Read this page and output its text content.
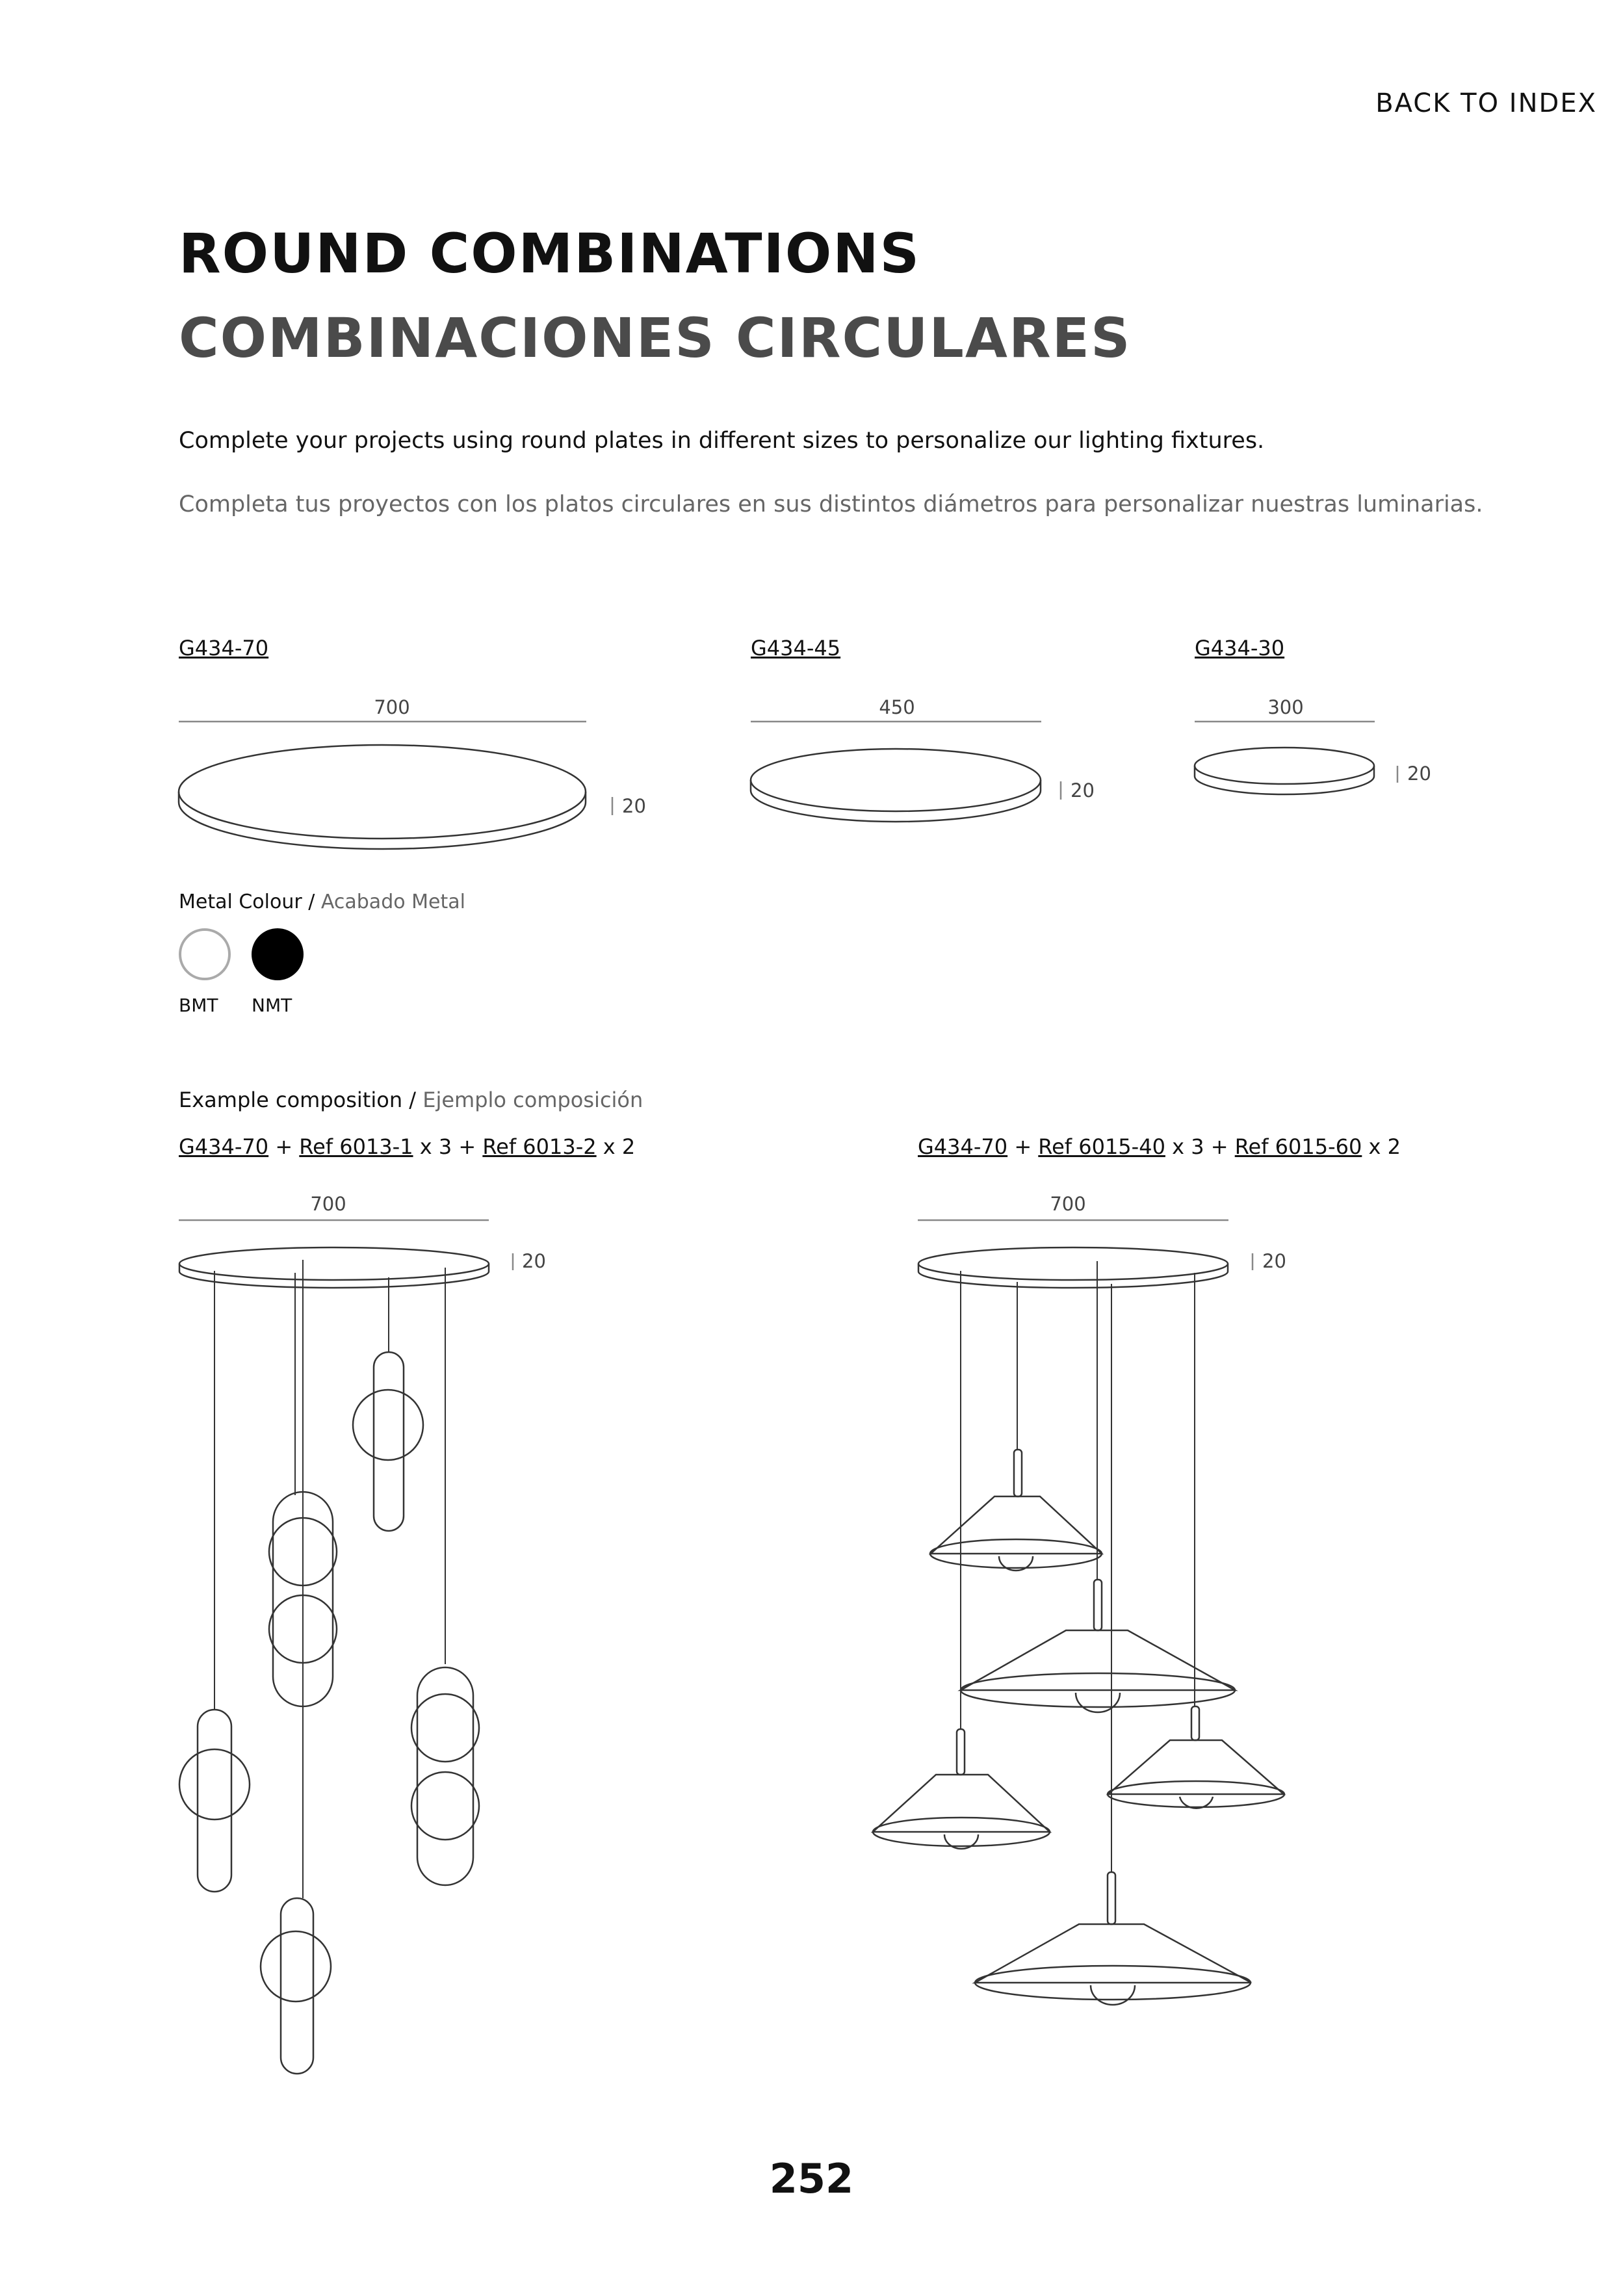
BACK TO INDEX
ROUND COMBINATIONS
COMBINACIONES CIRCULARES
Complete your projects using round plates in different sizes to personalize our lighting fixtures.
Completa tus proyectos con los platos circulares en sus distintos diámetros para personalizar nuestras luminarias.
G434-70	G434-45	G434-30
700
20
450
20
300
20
700
20
700
20
Metal Colour / Acabado Metal
BMT NMT
Example composition / Ejemplo composición
G434-70 + Ref 6013-1 x 3 + Ref 6013-2 x 2	G434-70 + Ref 6015-40 x 3 + Ref 6015-60 x 2
252
